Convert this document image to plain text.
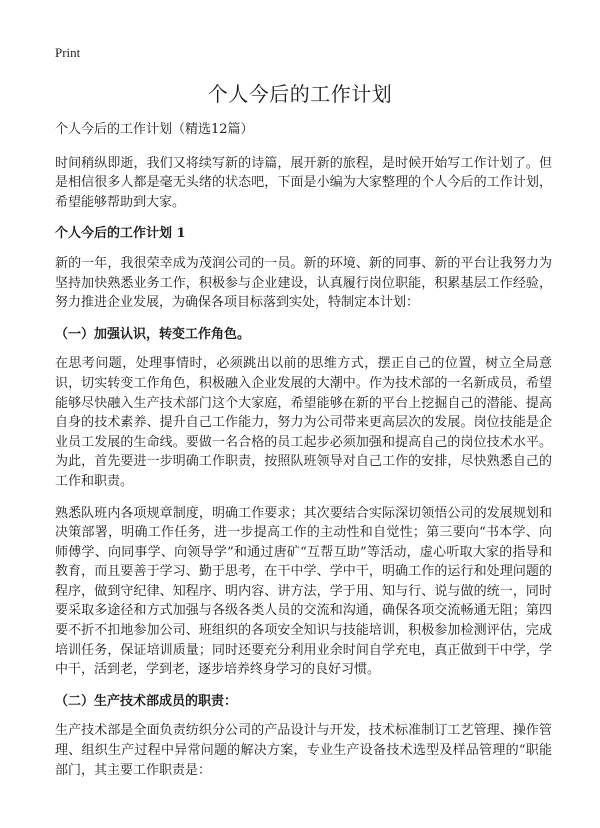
Print
个人今后的工作计划

个人今后的工作计划（精选12篇）

时间稍纵即逝，我们又将续写新的诗篇，展开新的旅程，是时候开始写工作计划了。但是相信很多人都是毫无头绪的状态吧，下面是小编为大家整理的个人今后的工作计划，希望能够帮助到大家。

个人今后的工作计划 1

新的一年，我很荣幸成为茂润公司的一员。新的环境、新的同事、新的平台让我努力为坚持加快熟悉业务工作，积极参与企业建设，认真履行岗位职能，积累基层工作经验，努力推进企业发展，为确保各项目标落到实处，特制定本计划：

（一）加强认识，转变工作角色。

在思考问题，处理事情时，必须跳出以前的思维方式，摆正自己的位置，树立全局意识，切实转变工作角色，积极融入企业发展的大潮中。作为技术部的一名新成员，希望能够尽快融入生产技术部门这个大家庭，希望能够在新的平台上挖掘自己的潜能、提高自身的技术素养、提升自己工作能力，努力为公司带来更高层次的发展。岗位技能是企业员工发展的生命线。要做一名合格的员工起步必须加强和提高自己的岗位技术水平。为此，首先要进一步明确工作职责，按照队班领导对自己工作的安排，尽快熟悉自己的工作和职责。

熟悉队班内各项规章制度，明确工作要求；其次要结合实际深切领悟公司的发展规划和决策部署，明确工作任务，进一步提高工作的主动性和自觉性；第三要向“书本学、向师傅学、向同事学、向领导学”和通过唐矿“互帮互助”等活动，虚心听取大家的指导和教育，而且要善于学习、勤于思考，在干中学、学中干，明确工作的运行和处理问题的程序，做到守纪律、知程序、明内容、讲方法，学于用、知与行、说与做的统一，同时要采取多途径和方式加强与各级各类人员的交流和沟通，确保各项交流畅通无阻；第四要不折不扣地参加公司、班组织的各项安全知识与技能培训，积极参加检测评估，完成培训任务，保证培训质量；同时还要充分利用业余时间自学充电，真正做到干中学，学中干，活到老，学到老，逐步培养终身学习的良好习惯。

（二）生产技术部成员的职责：

生产技术部是全面负责纺织分公司的产品设计与开发，技术标准制订工艺管理、操作管理、组织生产过程中异常问题的解决方案，专业生产设备技术选型及样品管理的“职能部门，其主要工作职责是：
